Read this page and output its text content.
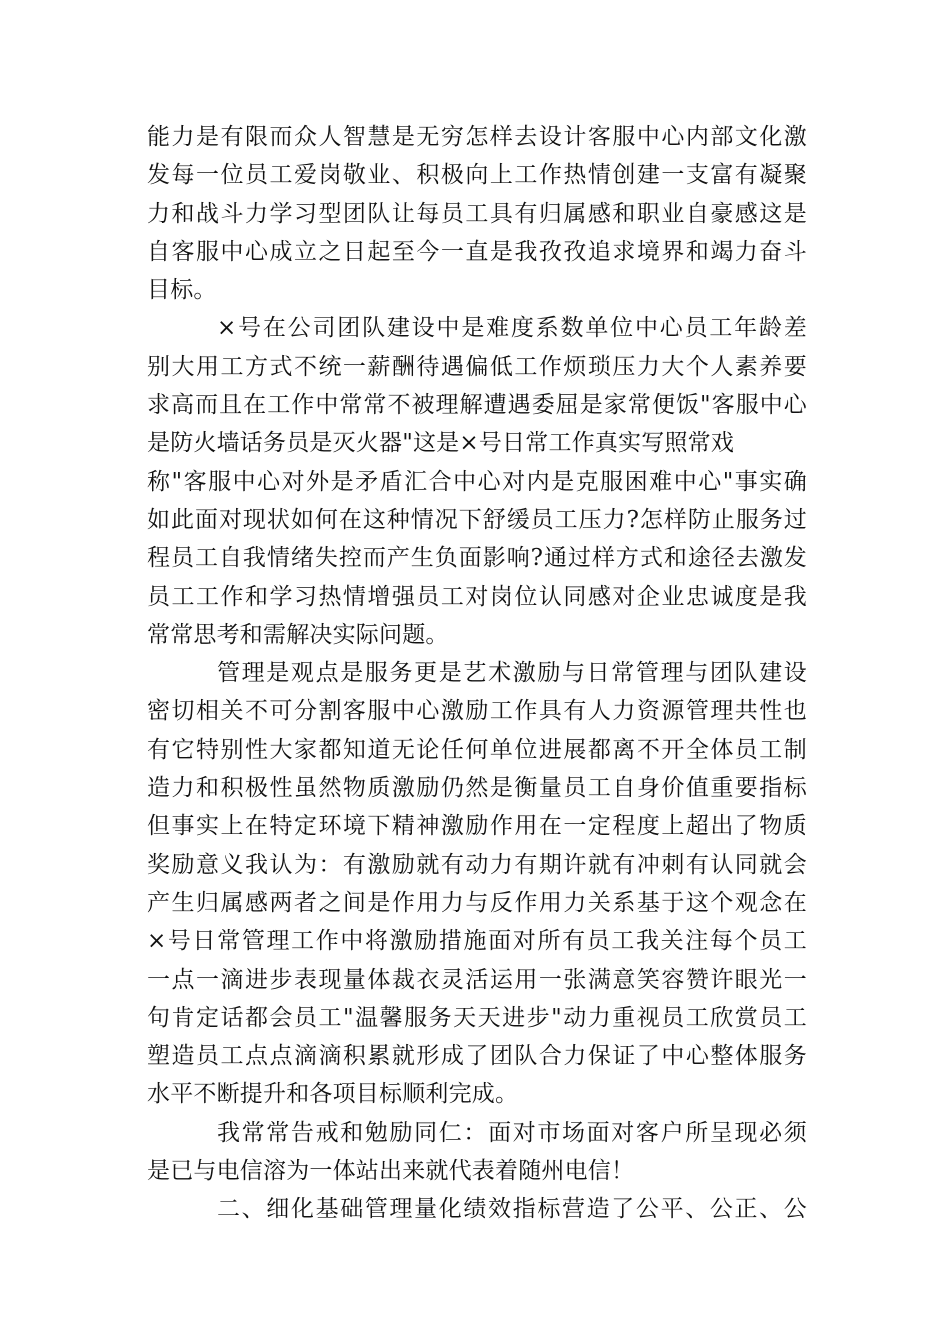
能力是有限而众人智慧是无穷怎样去设计客服中心内部文化激
发每一位员工爱岗敬业、积极向上工作热情创建一支富有凝聚
力和战斗力学习型团队让每员工具有归属感和职业自豪感这是
自客服中心成立之日起至今一直是我孜孜追求境界和竭力奋斗
目标。
×号在公司团队建设中是难度系数单位中心员工年龄差
别大用工方式不统一薪酬待遇偏低工作烦琐压力大个人素养要
求高而且在工作中常常不被理解遭遇委屈是家常便饭"客服中心
是防火墙话务员是灭火器"这是×号日常工作真实写照常戏
称"客服中心对外是矛盾汇合中心对内是克服困难中心"事实确
如此面对现状如何在这种情况下舒缓员工压力?怎样防止服务过
程员工自我情绪失控而产生负面影响?通过样方式和途径去激发
员工工作和学习热情增强员工对岗位认同感对企业忠诚度是我
常常思考和需解决实际问题。
管理是观点是服务更是艺术激励与日常管理与团队建设
密切相关不可分割客服中心激励工作具有人力资源管理共性也
有它特别性大家都知道无论任何单位进展都离不开全体员工制
造力和积极性虽然物质激励仍然是衡量员工自身价值重要指标
但事实上在特定环境下精神激励作用在一定程度上超出了物质
奖励意义我认为：有激励就有动力有期许就有冲刺有认同就会
产生归属感两者之间是作用力与反作用力关系基于这个观念在
×号日常管理工作中将激励措施面对所有员工我关注每个员工
一点一滴进步表现量体裁衣灵活运用一张满意笑容赞许眼光一
句肯定话都会员工"温馨服务天天进步"动力重视员工欣赏员工
塑造员工点点滴滴积累就形成了团队合力保证了中心整体服务
水平不断提升和各项目标顺利完成。
我常常告戒和勉励同仁：面对市场面对客户所呈现必须
是已与电信溶为一体站出来就代表着随州电信！
二、细化基础管理量化绩效指标营造了公平、公正、公
